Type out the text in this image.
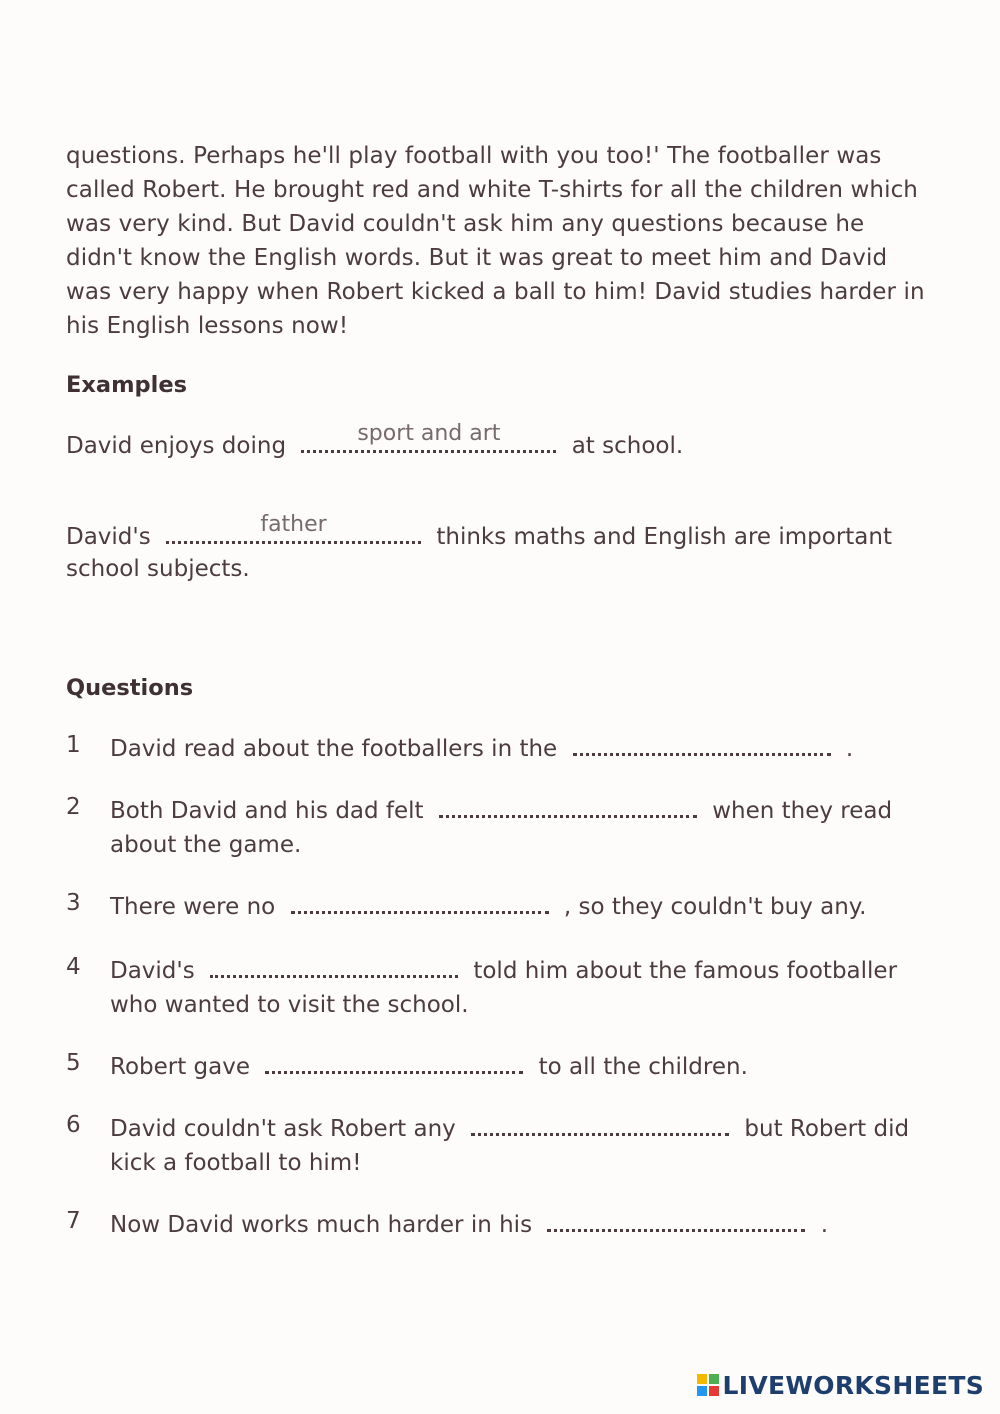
questions. Perhaps he'll play football with you too!' The footballer was
called Robert. He brought red and white T-shirts for all the children which
was very kind. But David couldn't ask him any questions because he
didn't know the English words. But it was great to meet him and David
was very happy when Robert kicked a ball to him! David studies harder in
his English lessons now!
Examples
David enjoys doing	sport and art	at school.
David's	father	thinks maths and English are important
school subjects.
Questions
1 David read about the footballers in the	.
2 Both David and his dad felt	when they read
about the game.
3 There were no	, so they couldn't buy any.
4 David's	told him about the famous footballer
who wanted to visit the school.
5 Robert gave	to all the children.
6 David couldn't ask Robert any	but Robert did
kick a football to him!
7 Now David works much harder in his	.
LIVEWORKSHEETS
